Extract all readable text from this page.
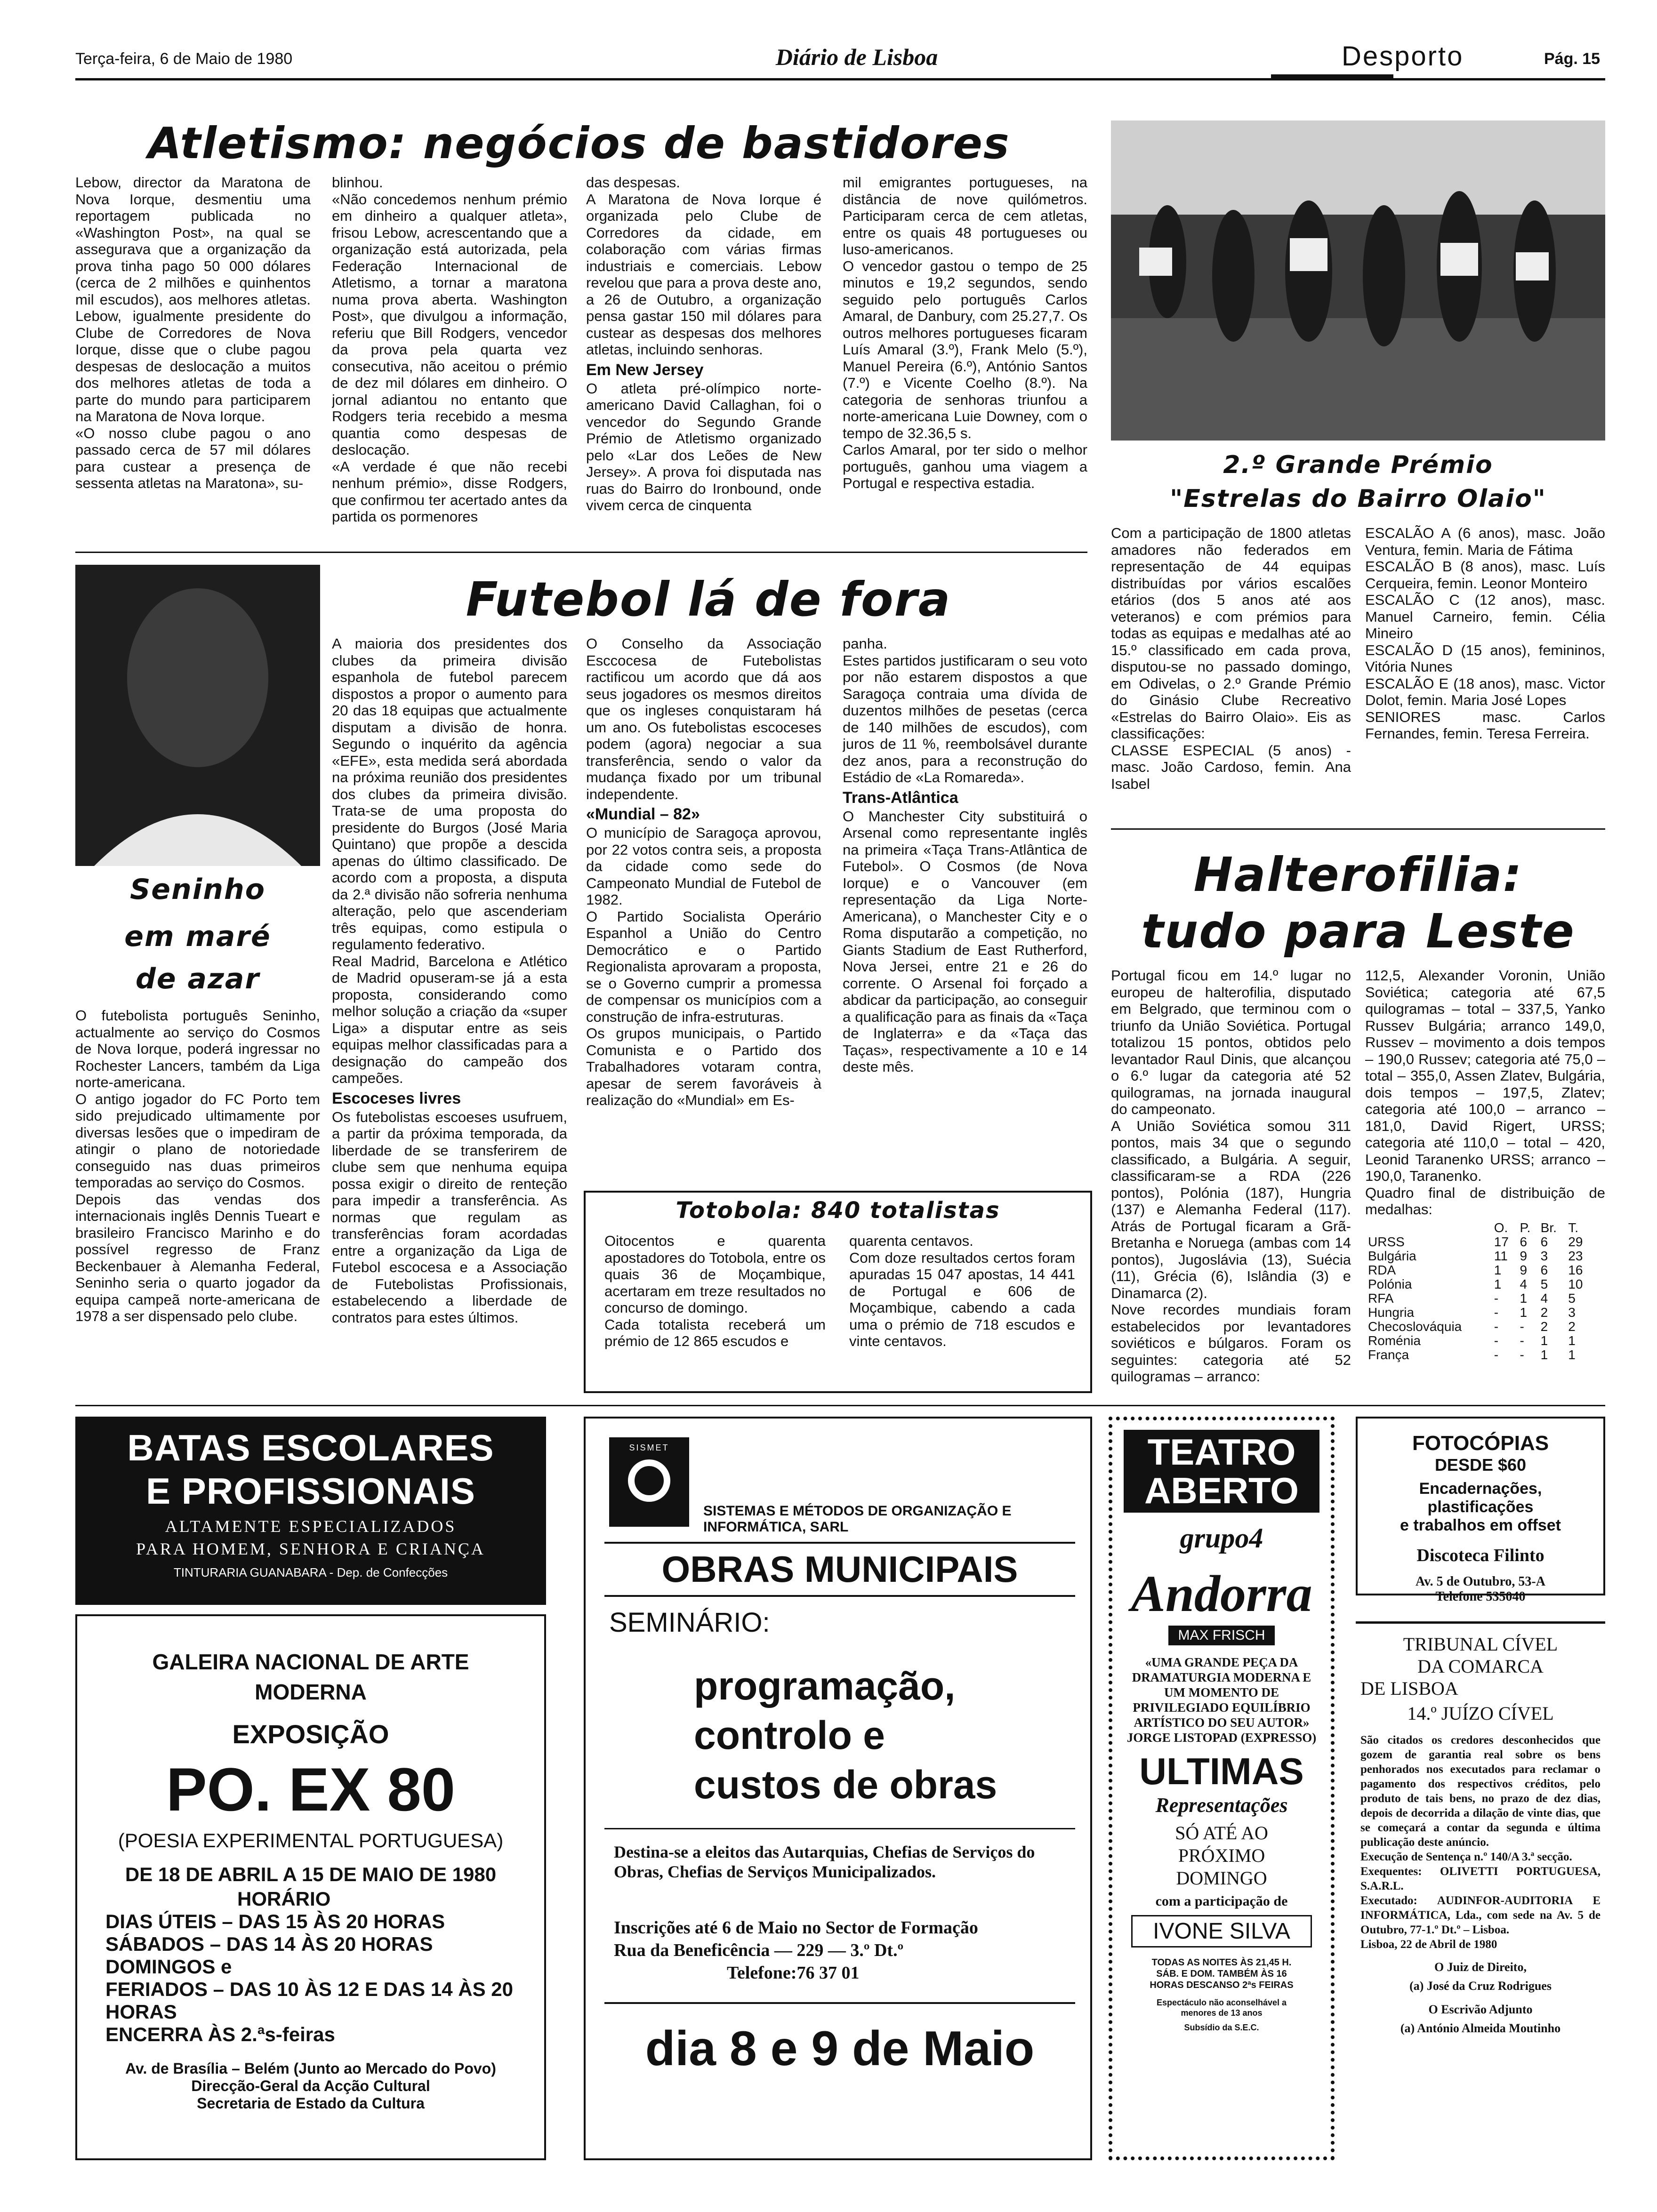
Terça-feira, 6 de Maio de 1980	Diário de Lisboa	Desporto	Pág. 15
Atletismo: negócios de bastidores

Lebow, director da Maratona de Nova Iorque, desmentiu uma reportagem publicada no «Washington Post», na qual se assegurava que a organização da prova tinha pago 50 000 dólares (cerca de 2 milhões e quinhentos mil escudos), aos melhores atletas. Lebow, igualmente presidente do Clube de Corredores de Nova Iorque, disse que o clube pagou despesas de deslocação a muitos dos melhores atletas de toda a parte do mundo para participarem na Maratona de Nova Iorque.
«O nosso clube pagou o ano passado cerca de 57 mil dólares para custear a presença de sessenta atletas na Maratona», su-

blinhou.
«Não concedemos nenhum prémio em dinheiro a qualquer atleta», frisou Lebow, acrescentando que a organização está autorizada, pela Federação Internacional de Atletismo, a tornar a maratona numa prova aberta. Washington Post», que divulgou a informação, referiu que Bill Rodgers, vencedor da prova pela quarta vez consecutiva, não aceitou o prémio de dez mil dólares em dinheiro. O jornal adiantou no entanto que Rodgers teria recebido a mesma quantia como despesas de deslocação.
«A verdade é que não recebi nenhum prémio», disse Rodgers, que confirmou ter acertado antes da partida os pormenores

das despesas.
A Maratona de Nova Iorque é organizada pelo Clube de Corredores da cidade, em colaboração com várias firmas industriais e comerciais. Lebow revelou que para a prova deste ano, a 26 de Outubro, a organização pensa gastar 150 mil dólares para custear as despesas dos melhores atletas, incluindo senhoras.

Em New Jersey

O atleta pré-olímpico norte-americano David Callaghan, foi o vencedor do Segundo Grande Prémio de Atletismo organizado pelo «Lar dos Leões de New Jersey». A prova foi disputada nas ruas do Bairro do Ironbound, onde vivem cerca de cinquenta

mil emigrantes portugueses, na distância de nove quilómetros. Participaram cerca de cem atletas, entre os quais 48 portugueses ou luso-americanos.
O vencedor gastou o tempo de 25 minutos e 19,2 segundos, sendo seguido pelo português Carlos Amaral, de Danbury, com 25.27,7. Os outros melhores portugueses ficaram Luís Amaral (3.º), Frank Melo (5.º), Manuel Pereira (6.º), António Santos (7.º) e Vicente Coelho (8.º). Na categoria de senhoras triunfou a norte-americana Luie Downey, com o tempo de 32.36,5 s.
Carlos Amaral, por ter sido o melhor português, ganhou uma viagem a Portugal e respectiva estadia.

2.º Grande Prémio
"Estrelas do Bairro Olaio"

Com a participação de 1800 atletas amadores não federados em representação de 44 equipas distribuídas por vários escalões etários (dos 5 anos até aos veteranos) e com prémios para todas as equipas e medalhas até ao 15.º classificado em cada prova, disputou-se no passado domingo, em Odivelas, o 2.º Grande Prémio do Ginásio Clube Recreativo «Estrelas do Bairro Olaio». Eis as classificações:
CLASSE ESPECIAL (5 anos) - masc. João Cardoso, femin. Ana Isabel

ESCALÃO A (6 anos), masc. João Ventura, femin. Maria de Fátima
ESCALÃO B (8 anos), masc. Luís Cerqueira, femin. Leonor Monteiro
ESCALÃO C (12 anos), masc. Manuel Carneiro, femin. Célia Mineiro
ESCALÃO D (15 anos), femininos, Vitória Nunes
ESCALÃO E (18 anos), masc. Victor Dolot, femin. Maria José Lopes
SENIORES masc. Carlos Fernandes, femin. Teresa Ferreira.

Seninho
em maré
de azar

O futebolista português Seninho, actualmente ao serviço do Cosmos de Nova Iorque, poderá ingressar no Rochester Lancers, também da Liga norte-americana.
O antigo jogador do FC Porto tem sido prejudicado ultimamente por diversas lesões que o impediram de atingir o plano de notoriedade conseguido nas duas primeiros temporadas ao serviço do Cosmos.
Depois das vendas dos internacionais inglês Dennis Tueart e brasileiro Francisco Marinho e do possível regresso de Franz Beckenbauer à Alemanha Federal, Seninho seria o quarto jogador da equipa campeã norte-americana de 1978 a ser dispensado pelo clube.

Futebol lá de fora

A maioria dos presidentes dos clubes da primeira divisão espanhola de futebol parecem dispostos a propor o aumento para 20 das 18 equipas que actualmente disputam a divisão de honra. Segundo o inquérito da agência «EFE», esta medida será abordada na próxima reunião dos presidentes dos clubes da primeira divisão. Trata-se de uma proposta do presidente do Burgos (José Maria Quintano) que propõe a descida apenas do último classificado. De acordo com a proposta, a disputa da 2.ª divisão não sofreria nenhuma alteração, pelo que ascenderiam três equipas, como estipula o regulamento federativo.
Real Madrid, Barcelona e Atlético de Madrid opuseram-se já a esta proposta, considerando como melhor solução a criação da «super Liga» a disputar entre as seis equipas melhor classificadas para a designação do campeão dos campeões.

Escoceses livres

Os futebolistas escoeses usufruem, a partir da próxima temporada, da liberdade de se transferirem de clube sem que nenhuma equipa possa exigir o direito de renteção para impedir a transferência. As normas que regulam as transferências foram acordadas entre a organização da Liga de Futebol escocesa e a Associação de Futebolistas Profissionais, estabelecendo a liberdade de contratos para estes últimos.

O Conselho da Associação Esccocesa de Futebolistas ractificou um acordo que dá aos seus jogadores os mesmos direitos que os ingleses conquistaram há um ano. Os futebolistas escoceses podem (agora) negociar a sua transferência, sendo o valor da mudança fixado por um tribunal independente.

«Mundial – 82»

O município de Saragoça aprovou, por 22 votos contra seis, a proposta da cidade como sede do Campeonato Mundial de Futebol de 1982.
O Partido Socialista Operário Espanhol a União do Centro Democrático e o Partido Regionalista aprovaram a proposta, se o Governo cumprir a promessa de compensar os municípios com a construção de infra-estruturas.
Os grupos municipais, o Partido Comunista e o Partido dos Trabalhadores votaram contra, apesar de serem favoráveis à realização do «Mundial» em Es-

panha.
Estes partidos justificaram o seu voto por não estarem dispostos a que Saragoça contraia uma dívida de duzentos milhões de pesetas (cerca de 140 milhões de escudos), com juros de 11 %, reembolsável durante dez anos, para a reconstrução do Estádio de «La Romareda».

Trans-Atlântica

O Manchester City substituirá o Arsenal como representante inglês na primeira «Taça Trans-Atlântica de Futebol». O Cosmos (de Nova Iorque) e o Vancouver (em representação da Liga Norte-Americana), o Manchester City e o Roma disputarão a competição, no Giants Stadium de East Rutherford, Nova Jersei, entre 21 e 26 do corrente. O Arsenal foi forçado a abdicar da participação, ao conseguir a qualificação para as finais da «Taça de Inglaterra» e da «Taça das Taças», respectivamente a 10 e 14 deste mês.

Totobola: 840 totalistas

Oitocentos e quarenta apostadores do Totobola, entre os quais 36 de Moçambique, acertaram em treze resultados no concurso de domingo.
Cada totalista receberá um prémio de 12 865 escudos e

quarenta centavos.
Com doze resultados certos foram apuradas 15 047 apostas, 14 441 de Portugal e 606 de Moçambique, cabendo a cada uma o prémio de 718 escudos e vinte centavos.

Halterofilia:
tudo para Leste

Portugal ficou em 14.º lugar no europeu de halterofilia, disputado em Belgrado, que terminou com o triunfo da União Soviética. Portugal totalizou 15 pontos, obtidos pelo levantador Raul Dinis, que alcançou o 6.º lugar da categoria até 52 quilogramas, na jornada inaugural do campeonato.
A União Soviética somou 311 pontos, mais 34 que o segundo classificado, a Bulgária. A seguir, classificaram-se a RDA (226 pontos), Polónia (187), Hungria (137) e Alemanha Federal (117). Atrás de Portugal ficaram a Grã-Bretanha e Noruega (ambas com 14 pontos), Jugoslávia (13), Suécia (11), Grécia (6), Islândia (3) e Dinamarca (2).
Nove recordes mundiais foram estabelecidos por levantadores soviéticos e búlgaros. Foram os seguintes: categoria até 52 quilogramas – arranco:

112,5, Alexander Voronin, União Soviética; categoria até 67,5 quilogramas – total – 337,5, Yanko Russev Bulgária; arranco 149,0, Russev – movimento a dois tempos – 190,0 Russev; categoria até 75,0 – total – 355,0, Assen Zlatev, Bulgária, dois tempos – 197,5, Zlatev; categoria até 100,0 – arranco – 181,0, David Rigert, URSS; categoria até 110,0 – total – 420, Leonid Taranenko URSS; arranco – 190,0, Taranenko.
Quadro final de distribuição de medalhas:

	O.	P.	Br.	T.
URSS	17	6	6	29
Bulgária	11	9	3	23
RDA	1	9	6	16
Polónia	1	4	5	10
RFA	-	1	4	5
Hungria	-	1	2	3
Checoslováquia	-	-	2	2
Roménia	-	-	1	1
França	-	-	1	1
BATAS ESCOLARES
E PROFISSIONAIS
ALTAMENTE ESPECIALIZADOS
PARA HOMEM, SENHORA E CRIANÇA
TINTURARIA GUANABARA - Dep. de Confecções
GALEIRA NACIONAL DE ARTE
MODERNA
EXPOSIÇÃO
PO. EX 80
(POESIA EXPERIMENTAL PORTUGUESA)
DE 18 DE ABRIL A 15 DE MAIO DE 1980
HORÁRIO
DIAS ÚTEIS – DAS 15 ÀS 20 HORAS
SÁBADOS – DAS 14 ÀS 20 HORAS
DOMINGOS e
FERIADOS – DAS 10 ÀS 12 E DAS 14 ÀS 20
HORAS
ENCERRA ÀS 2.ªs-feiras
Av. de Brasília – Belém (Junto ao Mercado do Povo)
Direcção-Geral da Acção Cultural
Secretaria de Estado da Cultura
SISMET
SISTEMAS E MÉTODOS DE ORGANIZAÇÃO E INFORMÁTICA, SARL
OBRAS MUNICIPAIS
SEMINÁRIO:
programação,
controlo e
custos de obras
Destina-se a eleitos das Autarquias, Chefias de Serviços do Obras, Chefias de Serviços Municipalizados.
Inscrições até 6 de Maio no Sector de Formação
Rua da Beneficência — 229 — 3.º Dt.º
Telefone:76 37 01
dia 8 e 9 de Maio
TEATRO
ABERTO
grupo4
Andorra
MAX FRISCH
«UMA GRANDE PEÇA DA DRAMATURGIA MODERNA E UM MOMENTO DE PRIVILEGIADO EQUILÍBRIO ARTÍSTICO DO SEU AUTOR»
JORGE LISTOPAD (EXPRESSO)
ULTIMAS
Representações
SÓ ATÉ AO PRÓXIMO DOMINGO
com a participação de
IVONE SILVA
TODAS AS NOITES ÀS 21,45 H. SÁB. E DOM. TAMBÉM ÀS 16 HORAS DESCANSO 2ªs FEIRAS
Espectáculo não aconselhável a menores de 13 anos
Subsídio da S.E.C.
FOTOCÓPIAS
DESDE $60
Encadernações,
plastificações
e trabalhos em offset
Discoteca Filinto
Av. 5 de Outubro, 53-A
Telefone 535040
TRIBUNAL CÍVEL
DA COMARCA
DE LISBOA
14.º JUÍZO CÍVEL

São citados os credores desconhecidos que gozem de garantia real sobre os bens penhorados nos executados para reclamar o pagamento dos respectivos créditos, pelo produto de tais bens, no prazo de dez dias, depois de decorrida a dilação de vinte dias, que se começará a contar da segunda e última publicação deste anúncio.
Execução de Sentença n.º 140/A 3.ª secção.
Exequentes: OLIVETTI PORTUGUESA, S.A.R.L.
Executado: AUDINFOR-AUDITORIA E INFORMÁTICA, Lda., com sede na Av. 5 de Outubro, 77-1.º Dt.º – Lisboa.
Lisboa, 22 de Abril de 1980

O Juiz de Direito,
(a) José da Cruz Rodrigues
O Escrivão Adjunto
(a) António Almeida Moutinho
